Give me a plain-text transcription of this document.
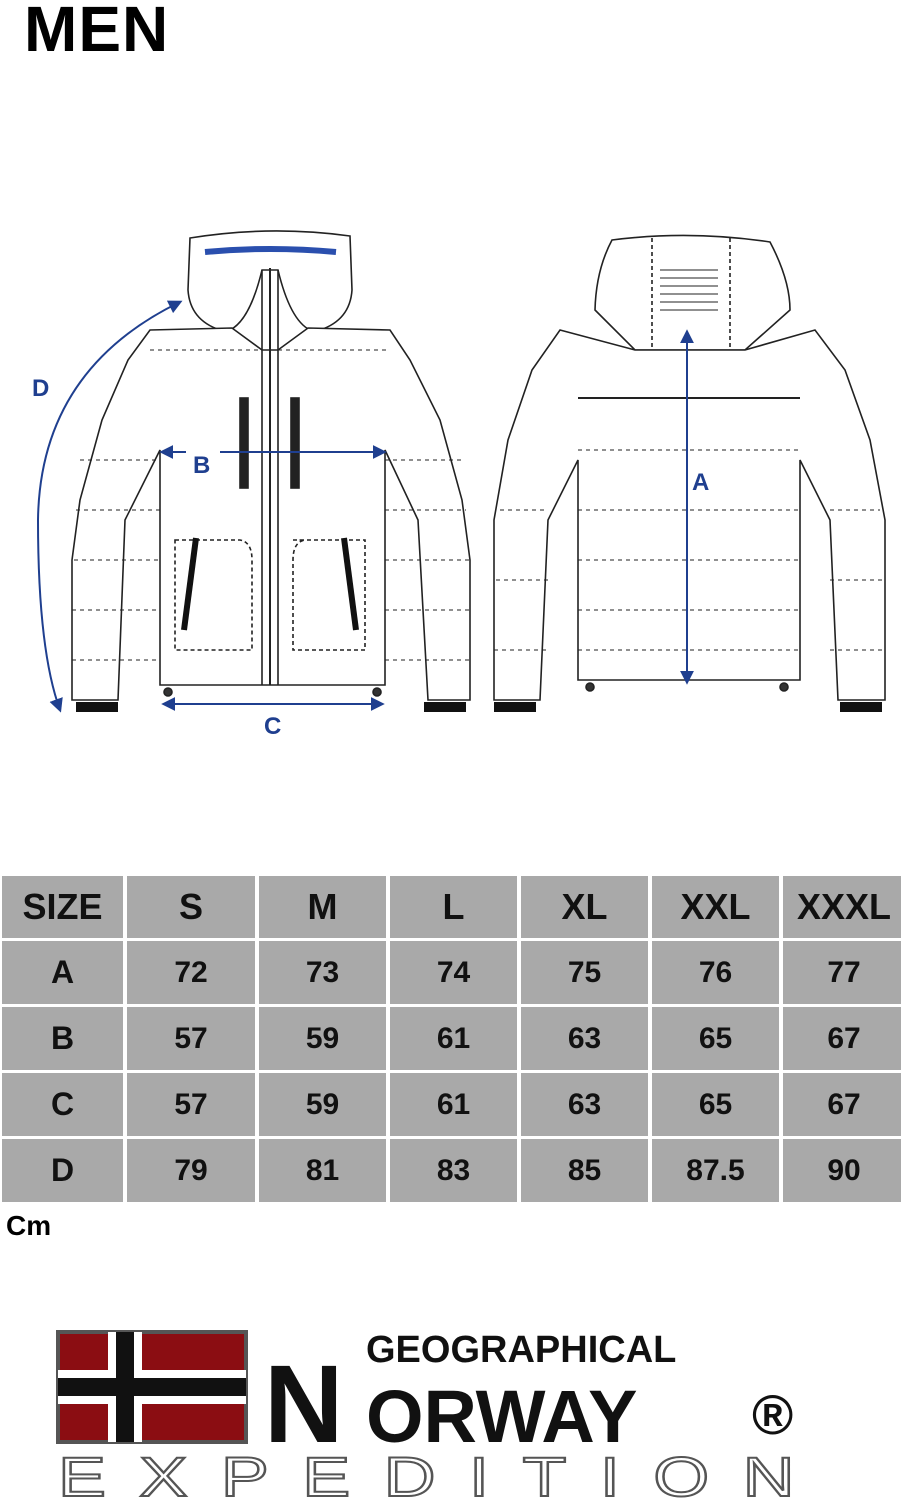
MEN
D
B
C
A
SIZE	S	M	L	XL	XXL	XXXL
A	72	73	74	75	76	77
B	57	59	61	63	65	67
C	57	59	61	63	65	67
D	79	81	83	85	87.5	90
Cm
GEOGRAPHICAL
N ORWAY ®
EXPEDITION
